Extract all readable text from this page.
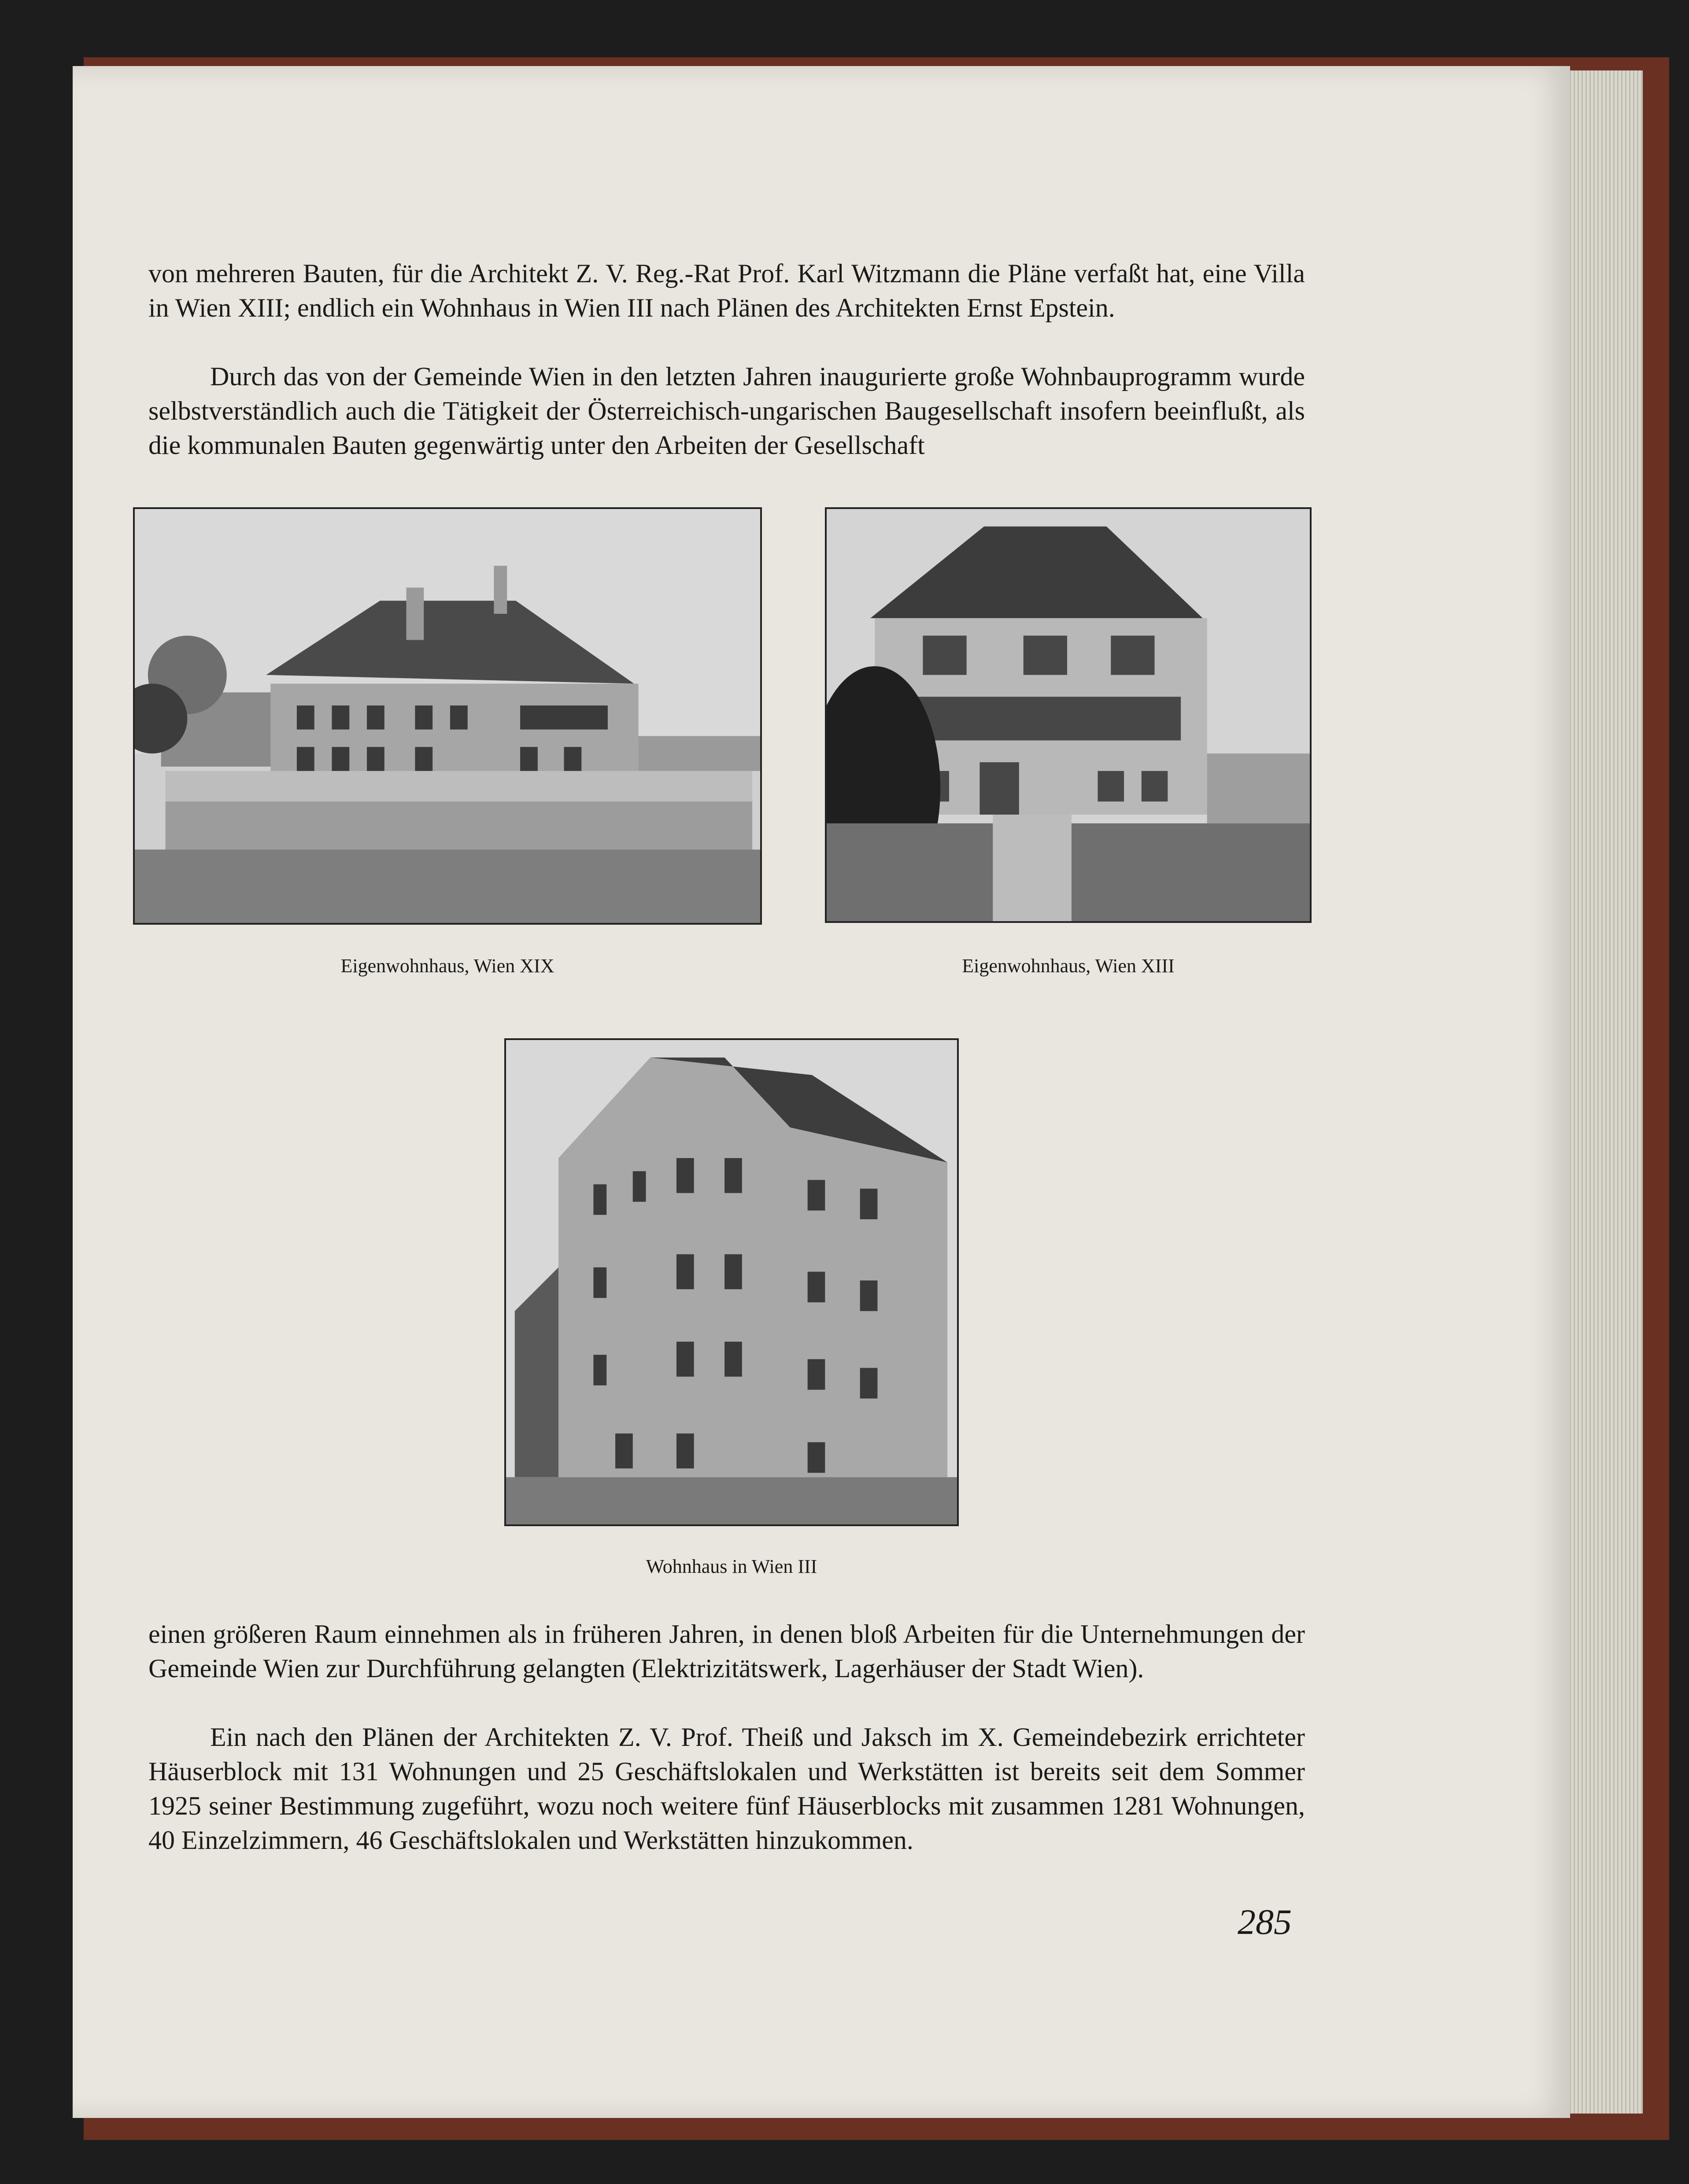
von mehreren Bauten, für die Architekt Z. V. Reg.-Rat Prof. Karl Witzmann die Pläne verfaßt hat, eine Villa in Wien XIII; endlich ein Wohnhaus in Wien III nach Plänen des Architekten Ernst Epstein.

Durch das von der Gemeinde Wien in den letzten Jahren inaugurierte große Wohnbauprogramm wurde selbstverständlich auch die Tätigkeit der Österreichisch-ungarischen Baugesellschaft insofern beeinflußt, als die kommunalen Bauten gegenwärtig unter den Arbeiten der Gesellschaft

Eigenwohnhaus, Wien XIX	Eigenwohnhaus, Wien XIII
Wohnhaus in Wien III

einen größeren Raum einnehmen als in früheren Jahren, in denen bloß Arbeiten für die Unternehmungen der Gemeinde Wien zur Durchführung gelangten (Elektrizitätswerk, Lagerhäuser der Stadt Wien).

Ein nach den Plänen der Architekten Z. V. Prof. Theiß und Jaksch im X. Gemeindebezirk errichteter Häuserblock mit 131 Wohnungen und 25 Geschäftslokalen und Werkstätten ist bereits seit dem Sommer 1925 seiner Bestimmung zugeführt, wozu noch weitere fünf Häuserblocks mit zusammen 1281 Wohnungen, 40 Einzelzimmern, 46 Geschäftslokalen und Werkstätten hinzukommen.

285
